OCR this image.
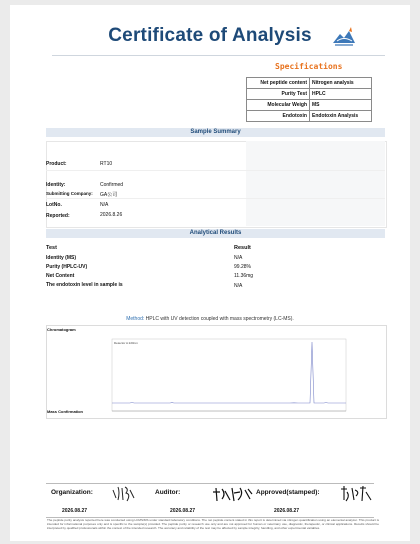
Certificate of Analysis
Specifications
Net peptide content	Nitrogen analysis
Purity Test	HPLC
Molecular Weigh	MS
Endotoxin	Endotoxin Analysis
Sample Summary
Product:	RT10
Identity:	Confirmed
Submitting Company: GA公司
LotNo.	N/A
Reported:	2026.8.26
Analytical Results
Test	Result
Identity (MS)	N/A
Purity (HPLC-UV)	99.28%
Net Content	11.36mg
The endotoxin level in sample is	N/A
Method: HPLC with UV detection coupled with mass spectrometry (LC-MS).
Chromatogram
Mass Confirmation
Detector A 220nm
Organization:	Auditor:	Approved(stamped):
2026.08.27	2026.08.27	2026.08.27
The peptide purity analysis reported here was conducted using LCMS/MS under standard laboratory conditions. The net peptide content stated in this report is determined via nitrogen quantification using an elemental analyzer. This product is intended for informational purposes only and is specific to the sample(s) provided. The peptide purity or research use only and are not approved for human or veterinary use, diagnostic, therapeutic, or clinical applications. Results should be interpreted by qualified professionals within the context of the intended research. The accuracy and reliability of the test may be affected by sample integrity, handling, and other experimental variables.
